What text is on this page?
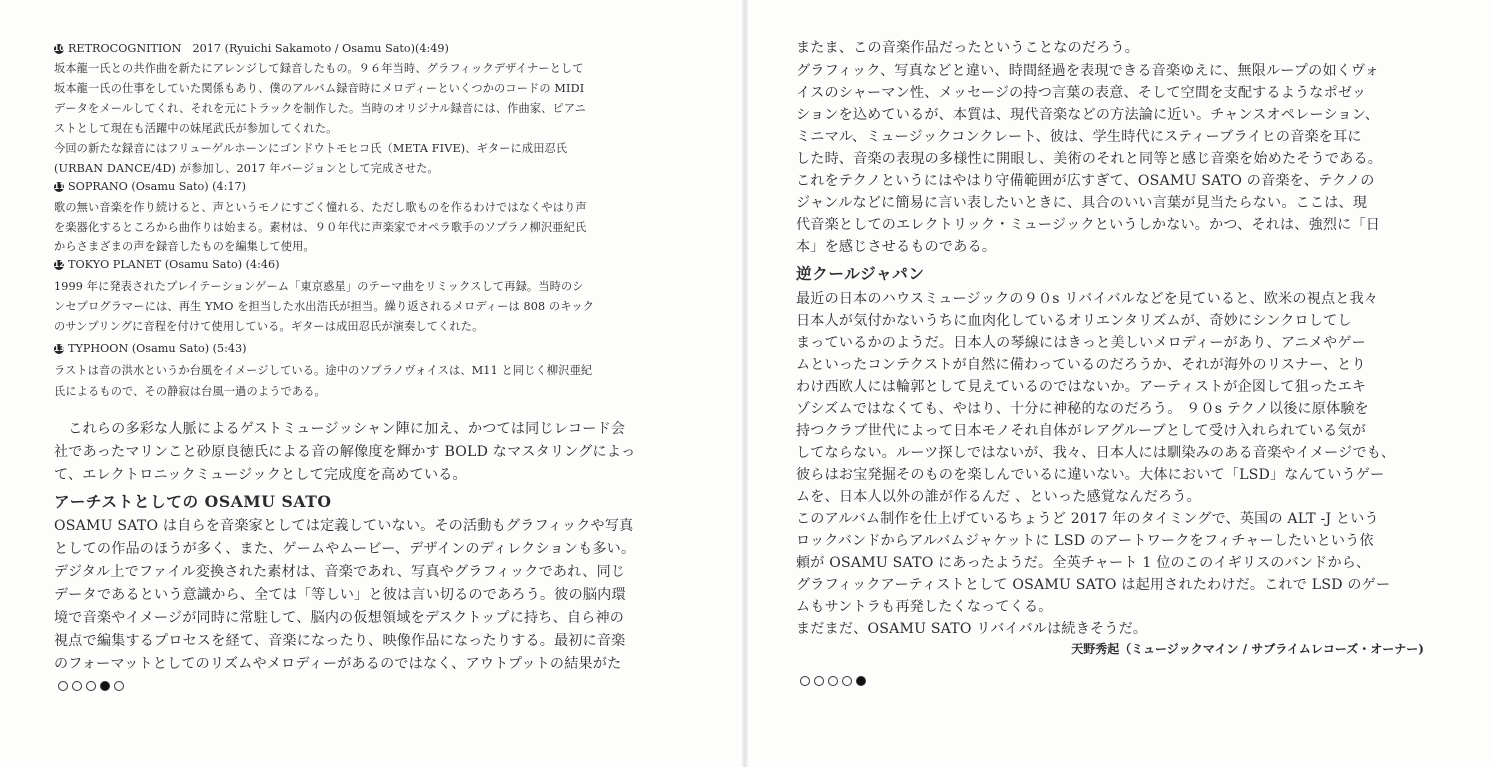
10 RETROCOGNITION　2017 (Ryuichi Sakamoto / Osamu Sato)(4:49)
坂本龍一氏との共作曲を新たにアレンジして録音したもの。９６年当時、グラフィックデザイナーとして
坂本龍一氏の仕事をしていた関係もあり、僕のアルバム録音時にメロディーといくつかのコードの MIDI
データをメールしてくれ、それを元にトラックを制作した。当時のオリジナル録音には、作曲家、ピアニ
ストとして現在も活躍中の妹尾武氏が参加してくれた。
今回の新たな録音にはフリューゲルホーンにゴンドウトモヒコ氏（META FIVE)、ギターに成田忍氏
(URBAN DANCE/4D) が参加し、2017 年バージョンとして完成させた。
11 SOPRANO (Osamu Sato) (4:17)
歌の無い音楽を作り続けると、声というモノにすごく憧れる、ただし歌ものを作るわけではなくやはり声
を楽器化するところから曲作りは始まる。素材は、９０年代に声楽家でオペラ歌手のソプラノ柳沢亜紀氏
からさまざまの声を録音したものを編集して使用。
12 TOKYO PLANET (Osamu Sato) (4:46)
1999 年に発表されたプレイテーションゲーム「東京惑星」のテーマ曲をリミックスして再録。当時のシ
ンセプログラマーには、再生 YMO を担当した水出浩氏が担当。繰り返されるメロディーは 808 のキック
のサンプリングに音程を付けて使用している。ギターは成田忍氏が演奏してくれた。
13 TYPHOON (Osamu Sato) (5:43)
ラストは音の洪水というか台風をイメージしている。途中のソプラノヴォイスは、M11 と同じく柳沢亜紀
氏によるもので、その静寂は台風一過のようである。
　これらの多彩な人脈によるゲストミュージッシャン陣に加え、かつては同じレコード会
社であったマリンこと砂原良徳氏による音の解像度を輝かす BOLD なマスタリングによっ
て、エレクトロニックミュージックとして完成度を高めている。
アーチストとしての OSAMU SATO
OSAMU SATO は自らを音楽家としては定義していない。その活動もグラフィックや写真
としての作品のほうが多く、また、ゲームやムービー、デザインのディレクションも多い。
デジタル上でファイル変換された素材は、音楽であれ、写真やグラフィックであれ、同じ
データであるという意識から、全ては「等しい」と彼は言い切るのであろう。彼の脳内環
境で音楽やイメージが同時に常駐して、脳内の仮想領域をデスクトップに持ち、自ら神の
視点で編集するプロセスを経て、音楽になったり、映像作品になったりする。最初に音楽
のフォーマットとしてのリズムやメロディーがあるのではなく、アウトプットの結果がた
またま、この音楽作品だったということなのだろう。
グラフィック、写真などと違い、時間経過を表現できる音楽ゆえに、無限ループの如くヴォ
イスのシャーマン性、メッセージの持つ言葉の表意、そして空間を支配するようなポゼッ
ションを込めているが、本質は、現代音楽などの方法論に近い。チャンスオペレーション、
ミニマル、ミュージックコンクレート、彼は、学生時代にスティーブライヒの音楽を耳に
した時、音楽の表現の多様性に開眼し、美術のそれと同等と感じ音楽を始めたそうである。
これをテクノというにはやはり守備範囲が広すぎて、OSAMU SATO の音楽を、テクノの
ジャンルなどに簡易に言い表したいときに、具合のいい言葉が見当たらない。ここは、現
代音楽としてのエレクトリック・ミュージックというしかない。かつ、それは、強烈に「日
本」を感じさせるものである。
逆クールジャパン
最近の日本のハウスミュージックの９０s リバイバルなどを見ていると、欧米の視点と我々
日本人が気付かないうちに血肉化しているオリエンタリズムが、奇妙にシンクロしてし
まっているかのようだ。日本人の琴線にはきっと美しいメロディーがあり、アニメやゲー
ムといったコンテクストが自然に備わっているのだろうか、それが海外のリスナー、とり
わけ西欧人には輪郭として見えているのではないか。アーティストが企図して狙ったエキ
ゾシズムではなくても、やはり、十分に神秘的なのだろう。 ９０s テクノ以後に原体験を
持つクラブ世代によって日本モノそれ自体がレアグルーブとして受け入れられている気が
してならない。ルーツ探しではないが、我々、日本人には馴染みのある音楽やイメージでも、
彼らはお宝発掘そのものを楽しんでいるに違いない。大体において「LSD」なんていうゲー
ムを、日本人以外の誰が作るんだ 、といった感覚なんだろう。
このアルバム制作を仕上げているちょうど 2017 年のタイミングで、英国の ALT -J という
ロックバンドからアルバムジャケットに LSD のアートワークをフィチャーしたいという依
頼が OSAMU SATO にあったようだ。全英チャート 1 位のこのイギリスのバンドから、
グラフィックアーティストとして OSAMU SATO は起用されたわけだ。これで LSD のゲー
ムもサントラも再発したくなってくる。
まだまだ、OSAMU SATO リバイバルは続きそうだ。
天野秀起（ミュージックマイン / サブライムレコーズ・オーナー)
